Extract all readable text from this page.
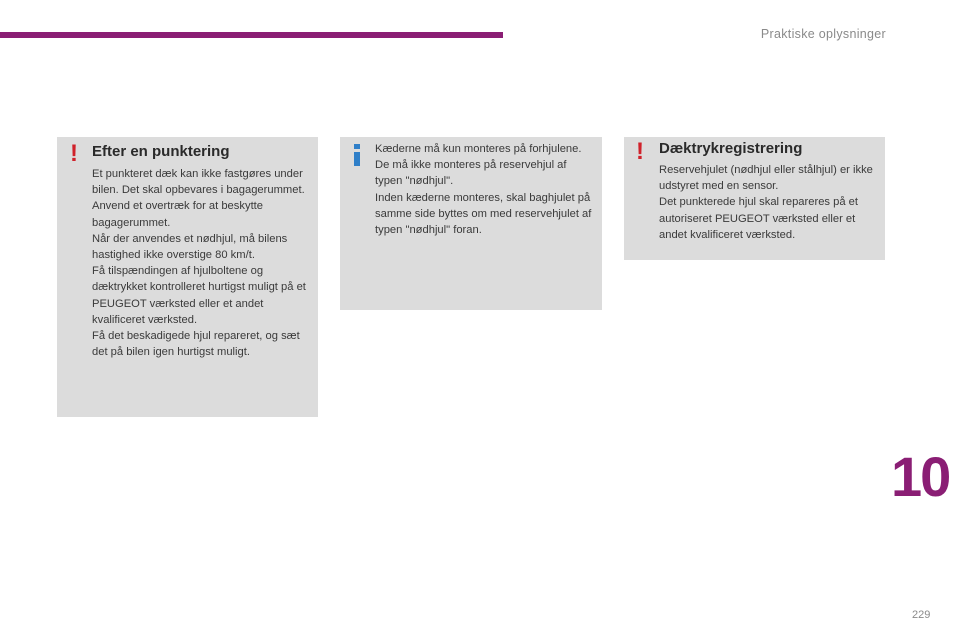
Praktiske oplysninger
! Efter en punktering

Et punkteret dæk kan ikke fastgøres under bilen. Det skal opbevares i bagagerummet. Anvend et overtræk for at beskytte bagagerummet.

Når der anvendes et nødhjul, må bilens hastighed ikke overstige 80 km/t.

Få tilspændingen af hjulboltene og dæktrykket kontrolleret hurtigst muligt på et PEUGEOT værksted eller et andet kvalificeret værksted.

Få det beskadigede hjul repareret, og sæt det på bilen igen hurtigst muligt.

Kæderne må kun monteres på forhjulene. De må ikke monteres på reservehjul af typen "nødhjul".

Inden kæderne monteres, skal baghjulet på samme side byttes om med reservehjulet af typen "nødhjul" foran.

! Dæktrykregistrering

Reservehjulet (nødhjul eller stålhjul) er ikke udstyret med en sensor.

Det punkterede hjul skal repareres på et autoriseret PEUGEOT værksted eller et andet kvalificeret værksted.

10
229
